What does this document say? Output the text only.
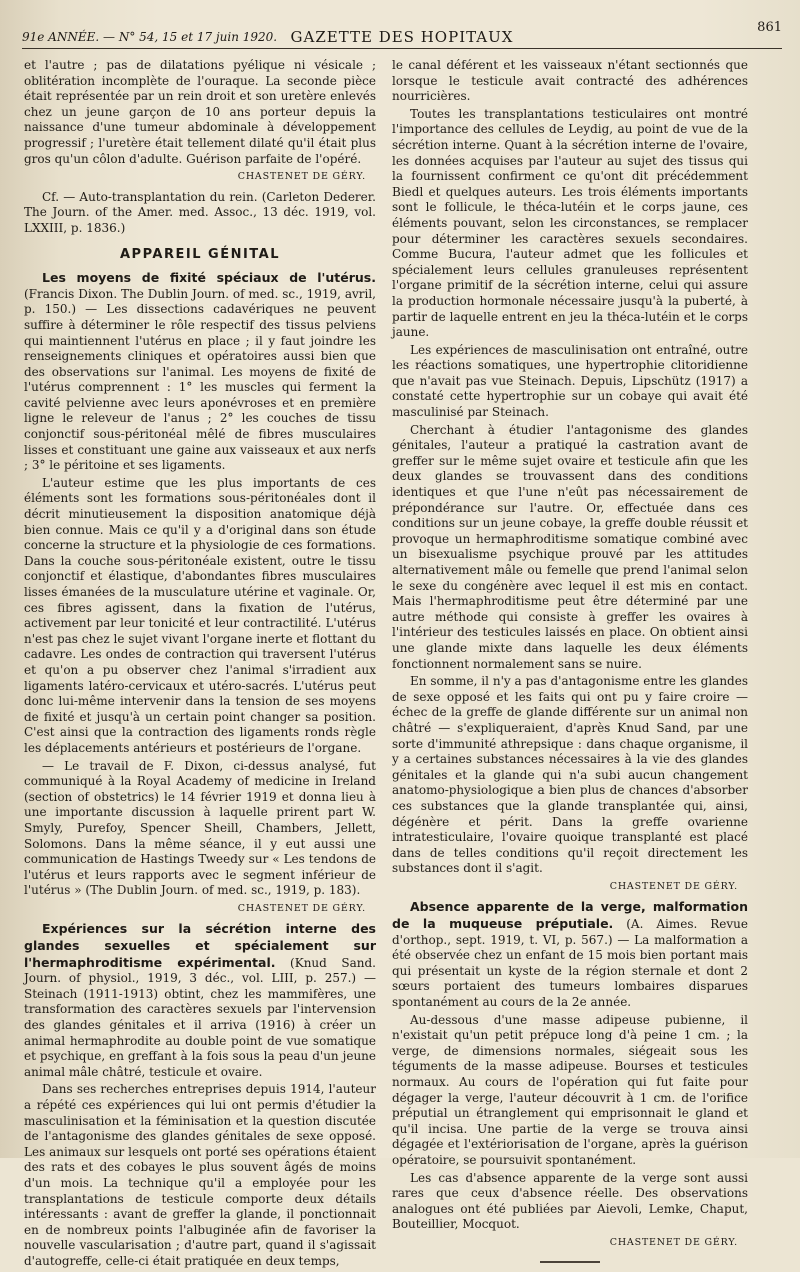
91e ANNÉE. — N° 54, 15 et 17 juin 1920. GAZETTE DES HOPITAUX
861

et l'autre ; pas de dilatations pyélique ni vésicale ; oblitération incomplète de l'ouraque. La seconde pièce était représentée par un rein droit et son uretère enlevés chez un jeune garçon de 10 ans porteur depuis la naissance d'une tumeur abdominale à développement progressif ; l'uretère était tellement dilaté qu'il était plus gros qu'un côlon d'adulte. Guérison parfaite de l'opéré.

CHASTENET DE GÉRY.

Cf. — Auto-transplantation du rein. (Carleton Dederer. The Journ. of the Amer. med. Assoc., 13 déc. 1919, vol. LXXIII, p. 1836.)

APPAREIL GÉNITAL

Les moyens de fixité spéciaux de l'utérus. (Francis Dixon. The Dublin Journ. of med. sc., 1919, avril, p. 150.) — Les dissections cadavériques ne peuvent suffire à déterminer le rôle respectif des tissus pelviens qui maintiennent l'utérus en place ; il y faut joindre les renseignements cliniques et opératoires aussi bien que des observations sur l'animal. Les moyens de fixité de l'utérus comprennent : 1° les muscles qui ferment la cavité pelvienne avec leurs aponévroses et en première ligne le releveur de l'anus ; 2° les couches de tissu conjonctif sous-péritonéal mêlé de fibres musculaires lisses et constituant une gaine aux vaisseaux et aux nerfs ; 3° le péritoine et ses ligaments.

L'auteur estime que les plus importants de ces éléments sont les formations sous-péritonéales dont il décrit minutieusement la disposition anatomique déjà bien connue. Mais ce qu'il y a d'original dans son étude concerne la structure et la physiologie de ces formations. Dans la couche sous-péritonéale existent, outre le tissu conjonctif et élastique, d'abondantes fibres musculaires lisses émanées de la musculature utérine et vaginale. Or, ces fibres agissent, dans la fixation de l'utérus, activement par leur tonicité et leur contractilité. L'utérus n'est pas chez le sujet vivant l'organe inerte et flottant du cadavre. Les ondes de contraction qui traversent l'utérus et qu'on a pu observer chez l'animal s'irradient aux ligaments latéro-cervicaux et utéro-sacrés. L'utérus peut donc lui-même intervenir dans la tension de ses moyens de fixité et jusqu'à un certain point changer sa position. C'est ainsi que la contraction des ligaments ronds règle les déplacements antérieurs et postérieurs de l'organe.

— Le travail de F. Dixon, ci-dessus analysé, fut communiqué à la Royal Academy of medicine in Ireland (section of obstetrics) le 14 février 1919 et donna lieu à une importante discussion à laquelle prirent part W. Smyly, Purefoy, Spencer Sheill, Chambers, Jellett, Solomons. Dans la même séance, il y eut aussi une communication de Hastings Tweedy sur « Les tendons de l'utérus et leurs rapports avec le segment inférieur de l'utérus » (The Dublin Journ. of med. sc., 1919, p. 183).

CHASTENET DE GÉRY.

Expériences sur la sécrétion interne des glandes sexuelles et spécialement sur l'hermaphroditisme expérimental. (Knud Sand. Journ. of physiol., 1919, 3 déc., vol. LIII, p. 257.) — Steinach (1911-1913) obtint, chez les mammifères, une transformation des caractères sexuels par l'intervension des glandes génitales et il arriva (1916) à créer un animal hermaphrodite au double point de vue somatique et psychique, en greffant à la fois sous la peau d'un jeune animal mâle châtré, testicule et ovaire.

Dans ses recherches entreprises depuis 1914, l'auteur a répété ces expériences qui lui ont permis d'étudier la masculinisation et la féminisation et la question discutée de l'antagonisme des glandes génitales de sexe opposé. Les animaux sur lesquels ont porté ses opérations étaient des rats et des cobayes le plus souvent âgés de moins d'un mois. La technique qu'il a employée pour les transplantations de testicule comporte deux détails intéressants : avant de greffer la glande, il ponctionnait en de nombreux points l'albuginée afin de favoriser la nouvelle vascularisation ; d'autre part, quand il s'agissait d'autogreffe, celle-ci était pratiquée en deux temps,

le canal déférent et les vaisseaux n'étant sectionnés que lorsque le testicule avait contracté des adhérences nourricières.

Toutes les transplantations testiculaires ont montré l'importance des cellules de Leydig, au point de vue de la sécrétion interne. Quant à la sécrétion interne de l'ovaire, les données acquises par l'auteur au sujet des tissus qui la fournissent confirment ce qu'ont dit précédemment Biedl et quelques auteurs. Les trois éléments importants sont le follicule, le théca-lutéin et le corps jaune, ces éléments pouvant, selon les circonstances, se remplacer pour déterminer les caractères sexuels secondaires. Comme Bucura, l'auteur admet que les follicules et spécialement leurs cellules granuleuses représentent l'organe primitif de la sécrétion interne, celui qui assure la production hormonale nécessaire jusqu'à la puberté, à partir de laquelle entrent en jeu la théca-lutéin et le corps jaune.

Les expériences de masculinisation ont entraîné, outre les réactions somatiques, une hypertrophie clitoridienne que n'avait pas vue Steinach. Depuis, Lipschütz (1917) a constaté cette hypertrophie sur un cobaye qui avait été masculinisé par Steinach.

Cherchant à étudier l'antagonisme des glandes génitales, l'auteur a pratiqué la castration avant de greffer sur le même sujet ovaire et testicule afin que les deux glandes se trouvassent dans des conditions identiques et que l'une n'eût pas nécessairement de prépondérance sur l'autre. Or, effectuée dans ces conditions sur un jeune cobaye, la greffe double réussit et provoque un hermaphroditisme somatique combiné avec un bisexualisme psychique prouvé par les attitudes alternativement mâle ou femelle que prend l'animal selon le sexe du congénère avec lequel il est mis en contact. Mais l'hermaphroditisme peut être déterminé par une autre méthode qui consiste à greffer les ovaires à l'intérieur des testicules laissés en place. On obtient ainsi une glande mixte dans laquelle les deux éléments fonctionnent normalement sans se nuire.

En somme, il n'y a pas d'antagonisme entre les glandes de sexe opposé et les faits qui ont pu y faire croire — échec de la greffe de glande différente sur un animal non châtré — s'expliqueraient, d'après Knud Sand, par une sorte d'immunité athrepsique : dans chaque organisme, il y a certaines substances nécessaires à la vie des glandes génitales et la glande qui n'a subi aucun changement anatomo-physiologique a bien plus de chances d'absorber ces substances que la glande transplantée qui, ainsi, dégénère et périt. Dans la greffe ovarienne intratesticulaire, l'ovaire quoique transplanté est placé dans de telles conditions qu'il reçoit directement les substances dont il s'agit.

CHASTENET DE GÉRY.

Absence apparente de la verge, malformation de la muqueuse préputiale. (A. Aimes. Revue d'orthop., sept. 1919, t. VI, p. 567.) — La malformation a été observée chez un enfant de 15 mois bien portant mais qui présentait un kyste de la région sternale et dont 2 sœurs portaient des tumeurs lombaires disparues spontanément au cours de la 2e année.

Au-dessous d'une masse adipeuse pubienne, il n'existait qu'un petit prépuce long d'à peine 1 cm. ; la verge, de dimensions normales, siégeait sous les téguments de la masse adipeuse. Bourses et testicules normaux. Au cours de l'opération qui fut faite pour dégager la verge, l'auteur découvrit à 1 cm. de l'orifice préputial un étranglement qui emprisonnait le gland et qu'il incisa. Une partie de la verge se trouva ainsi dégagée et l'extériorisation de l'organe, après la guérison opératoire, se poursuivit spontanément.

Les cas d'absence apparente de la verge sont aussi rares que ceux d'absence réelle. Des observations analogues ont été publiées par Aievoli, Lemke, Chaput, Bouteillier, Mocquot.

CHASTENET DE GÉRY.
